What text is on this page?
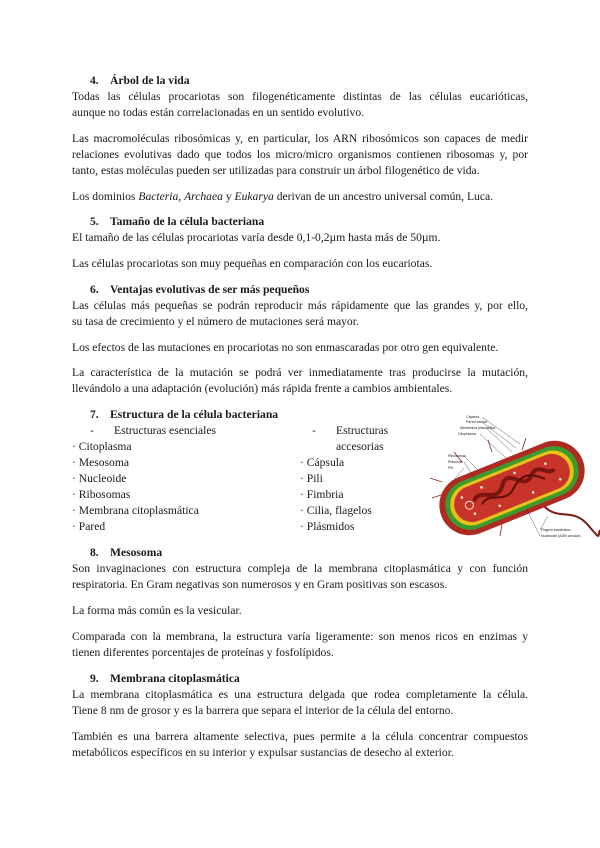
4. Árbol de la vida
Todas las células procariotas son filogenéticamente distintas de las células eucarióticas,
aunque no todas están correlacionadas en un sentido evolutivo.
Las macromoléculas ribosómicas y, en particular, los ARN ribosómicos son capaces de medir
relaciones evolutivas dado que todos los micro/micro organismos contienen ribosomas y, por
tanto, estas moléculas pueden ser utilizadas para construir un árbol filogenético de vida.
Los dominios Bacteria, Archaea y Eukarya derivan de un ancestro universal común, Luca.
5. Tamaño de la célula bacteriana
El tamaño de las células procariotas varía desde 0,1-0,2µm hasta más de 50µm.
Las células procariotas son muy pequeñas en comparación con los eucariotas.
6. Ventajas evolutivas de ser más pequeños
Las células más pequeñas se podrán reproducir más rápidamente que las grandes y, por ello,
su tasa de crecimiento y el número de mutaciones será mayor.
Los efectos de las mutaciones en procariotas no son enmascaradas por otro gen equivalente.
La característica de la mutación se podrá ver inmediatamente tras producirse la mutación,
llevándolo a una adaptación (evolución) más rápida frente a cambios ambientales.
7. Estructura de la célula bacteriana
- Estructuras esenciales
· Citoplasma
· Mesosoma
· Nucleoide
· Ribosomas
· Membrana citoplasmática
· Pared
- Estructuras
accesorias
· Cápsula
· Pili
· Fimbria
· Cilia, flagelos
· Plásmidos
Cápsula
Pared celular
Membrana plasmática
Citoplasma
Ribosomas
Plásmido
Pili
Flagelo bacteriano
Nucleoide (ADN circular)
8. Mesosoma
Son invaginaciones con estructura compleja de la membrana citoplasmática y con función
respiratoria. En Gram negativas son numerosos y en Gram positivas son escasos.
La forma más común es la vesicular.
Comparada con la membrana, la estructura varía ligeramente: son menos ricos en enzimas y
tienen diferentes porcentajes de proteínas y fosfolípidos.
9. Membrana citoplasmática
La membrana citoplasmática es una estructura delgada que rodea completamente la célula.
Tiene 8 nm de grosor y es la barrera que separa el interior de la célula del entorno.
También es una barrera altamente selectiva, pues permite a la célula concentrar compuestos
metabólicos específicos en su interior y expulsar sustancias de desecho al exterior.
